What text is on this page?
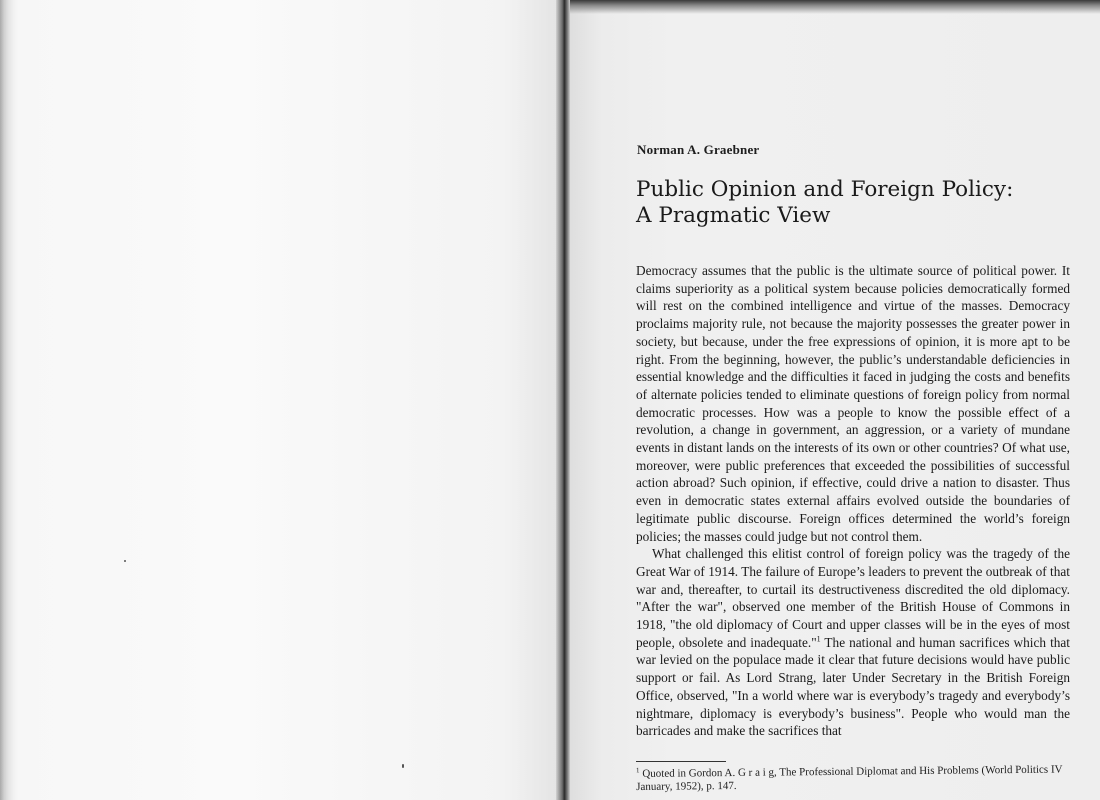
Norman A. Graebner

Public Opinion and Foreign Policy:
A Pragmatic View

Democracy assumes that the public is the ultimate source of political power. It claims superiority as a political system because policies democratically formed will rest on the combined intelligence and virtue of the masses. Democracy proclaims majority rule, not because the majority possesses the greater power in society, but because, under the free expressions of opinion, it is more apt to be right. From the beginning, however, the public’s understandable deficiencies in essential knowledge and the difficulties it faced in judging the costs and benefits of alternate policies tended to eliminate questions of foreign policy from normal democratic processes. How was a people to know the possible effect of a revolution, a change in government, an aggression, or a variety of mundane events in distant lands on the interests of its own or other countries? Of what use, moreover, were public preferences that exceeded the possibilities of successful action abroad? Such opinion, if effective, could drive a nation to disaster. Thus even in democratic states external affairs evolved outside the boundaries of legitimate public discourse. Foreign offices determined the world’s foreign policies; the masses could judge but not control them.

What challenged this elitist control of foreign policy was the tragedy of the Great War of 1914. The failure of Europe’s leaders to prevent the outbreak of that war and, thereafter, to curtail its destructiveness discredited the old diplomacy. "After the war", observed one member of the British House of Commons in 1918, "the old diplomacy of Court and upper classes will be in the eyes of most people, obsolete and inadequate."$^1$ The national and human sacrifices which that war levied on the populace made it clear that future decisions would have public support or fail. As Lord Strang, later Under Secretary in the British Foreign Office, observed, "In a world where war is everybody’s tragedy and everybody’s nightmare, diplomacy is everybody’s business". People who would man the barricades and make the sacrifices that

$^1$ Quoted in Gordon A. G r a i g, The Professional Diplomat and His Problems (World Politics IV January, 1952), p. 147.
